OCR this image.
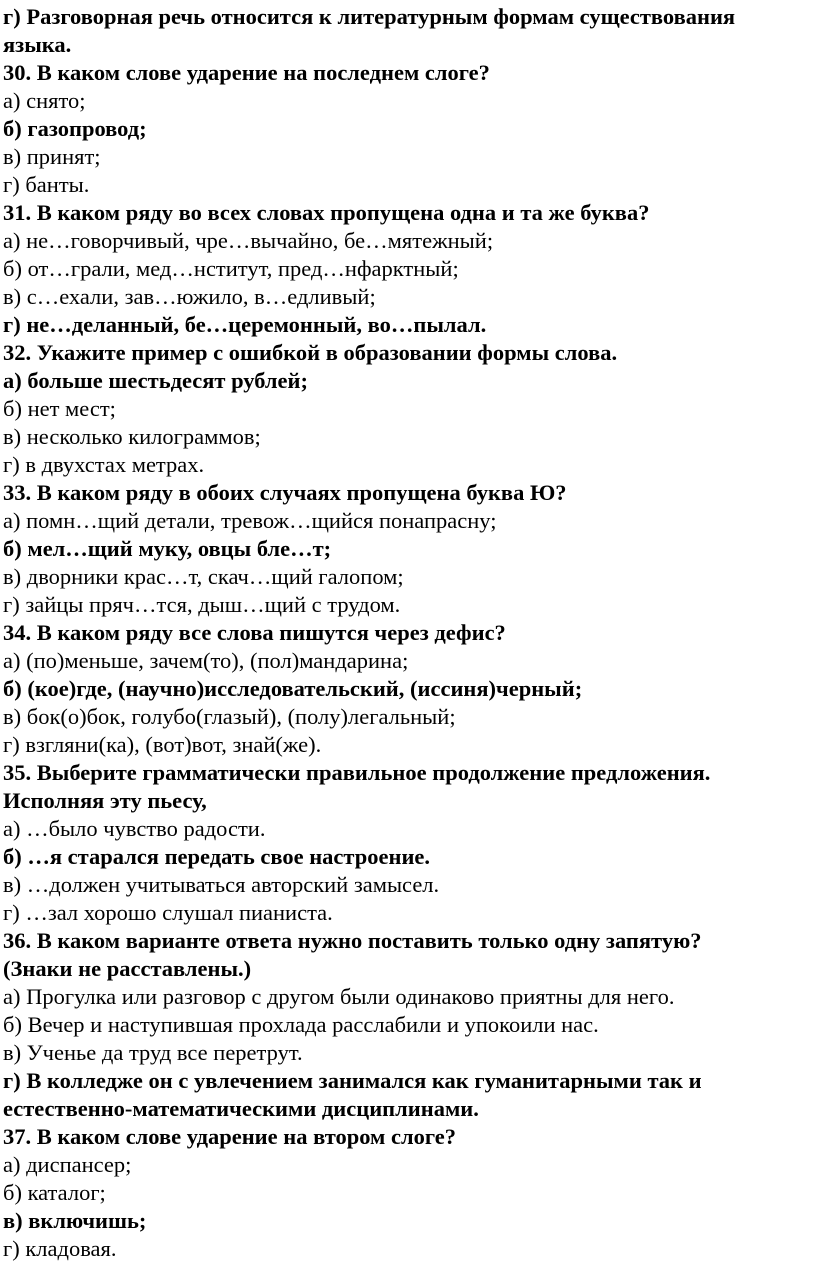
г) Разговорная речь относится к литературным формам существования
языка.
30. В каком слове ударение на последнем слоге?
а) снято;
б) газопровод;
в) принят;
г) банты.
31. В каком ряду во всех словах пропущена одна и та же буква?
а) не…говорчивый, чре…вычайно, бе…мятежный;
б) от…грали, мед…нститут, пред…нфарктный;
в) с…ехали, зав…южило, в…едливый;
г) не…деланный, бе…церемонный, во…пылал.
32. Укажите пример с ошибкой в образовании формы слова.
а) больше шестьдесят рублей;
б) нет мест;
в) несколько килограммов;
г) в двухстах метрах.
33. В каком ряду в обоих случаях пропущена буква Ю?
а) помн…щий детали, тревож…щийся понапрасну;
б) мел…щий муку, овцы бле…т;
в) дворники крас…т, скач…щий галопом;
г) зайцы пряч…тся, дыш…щий с трудом.
34. В каком ряду все слова пишутся через дефис?
а) (по)меньше, зачем(то), (пол)мандарина;
б) (кое)где, (научно)исследовательский, (иссиня)черный;
в) бок(о)бок, голубо(глазый), (полу)легальный;
г) взгляни(ка), (вот)вот, знай(же).
35. Выберите грамматически правильное продолжение предложения.
Исполняя эту пьесу,
а) …было чувство радости.
б) …я старался передать свое настроение.
в) …должен учитываться авторский замысел.
г) …зал хорошо слушал пианиста.
36. В каком варианте ответа нужно поставить только одну запятую?
(Знаки не расставлены.)
а) Прогулка или разговор с другом были одинаково приятны для него.
б) Вечер и наступившая прохлада расслабили и упокоили нас.
в) Ученье да труд все перетрут.
г) В колледже он с увлечением занимался как гуманитарными так и
естественно-математическими дисциплинами.
37. В каком слове ударение на втором слоге?
а) диспансер;
б) каталог;
в) включишь;
г) кладовая.
